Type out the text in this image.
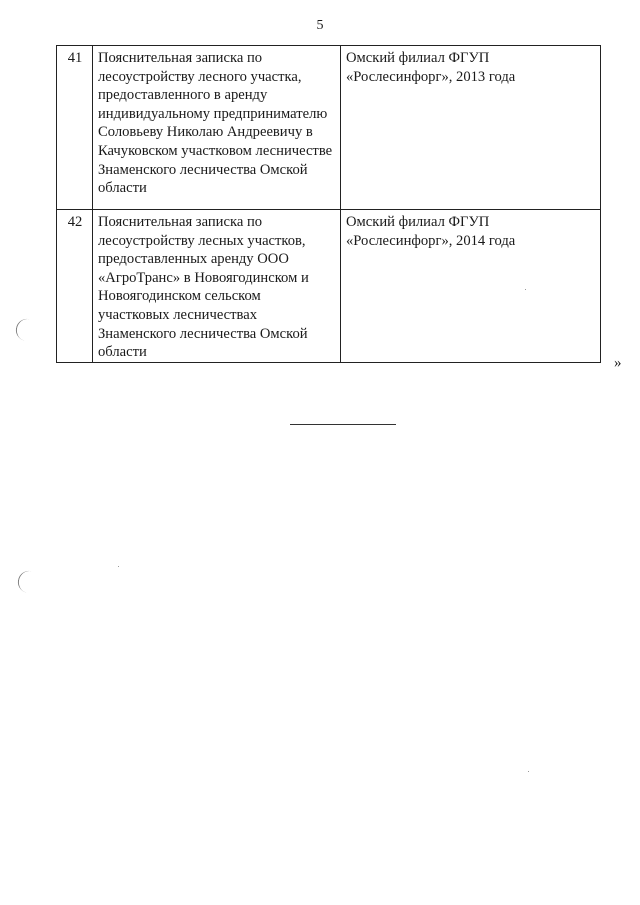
5
41	Пояснительная записка по лесоустройству лесного участка, предоставленного в аренду индивидуальному предпринимателю Соловьеву Николаю Андреевичу в Качуковском участковом лесничестве Знаменского лесничества Омской области	Омский филиал ФГУП «Рослесинфорг», 2013 года
42	Пояснительная записка по лесоустройству лесных участков, предоставленных аренду ООО «АгроТранс» в Новоягодинском и Новоягодинском сельском участковых лесничествах Знаменского лесничества Омской области	Омский филиал ФГУП «Рослесинфорг», 2014 года
»
